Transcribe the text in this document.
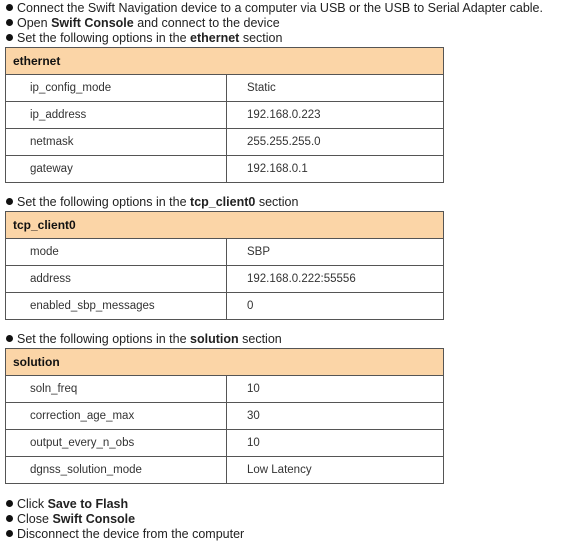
Connect the Swift Navigation device to a computer via USB or the USB to Serial Adapter cable.
Open Swift Console and connect to the device
Set the following options in the ethernet section
ethernet	
ip_config_mode	Static
ip_address	192.168.0.223
netmask	255.255.255.0
gateway	192.168.0.1
Set the following options in the tcp_client0 section
tcp_client0	
mode	SBP
address	192.168.0.222:55556
enabled_sbp_messages	0
Set the following options in the solution section
solution	
soln_freq	10
correction_age_max	30
output_every_n_obs	10
dgnss_solution_mode	Low Latency
Click Save to Flash
Close Swift Console
Disconnect the device from the computer
